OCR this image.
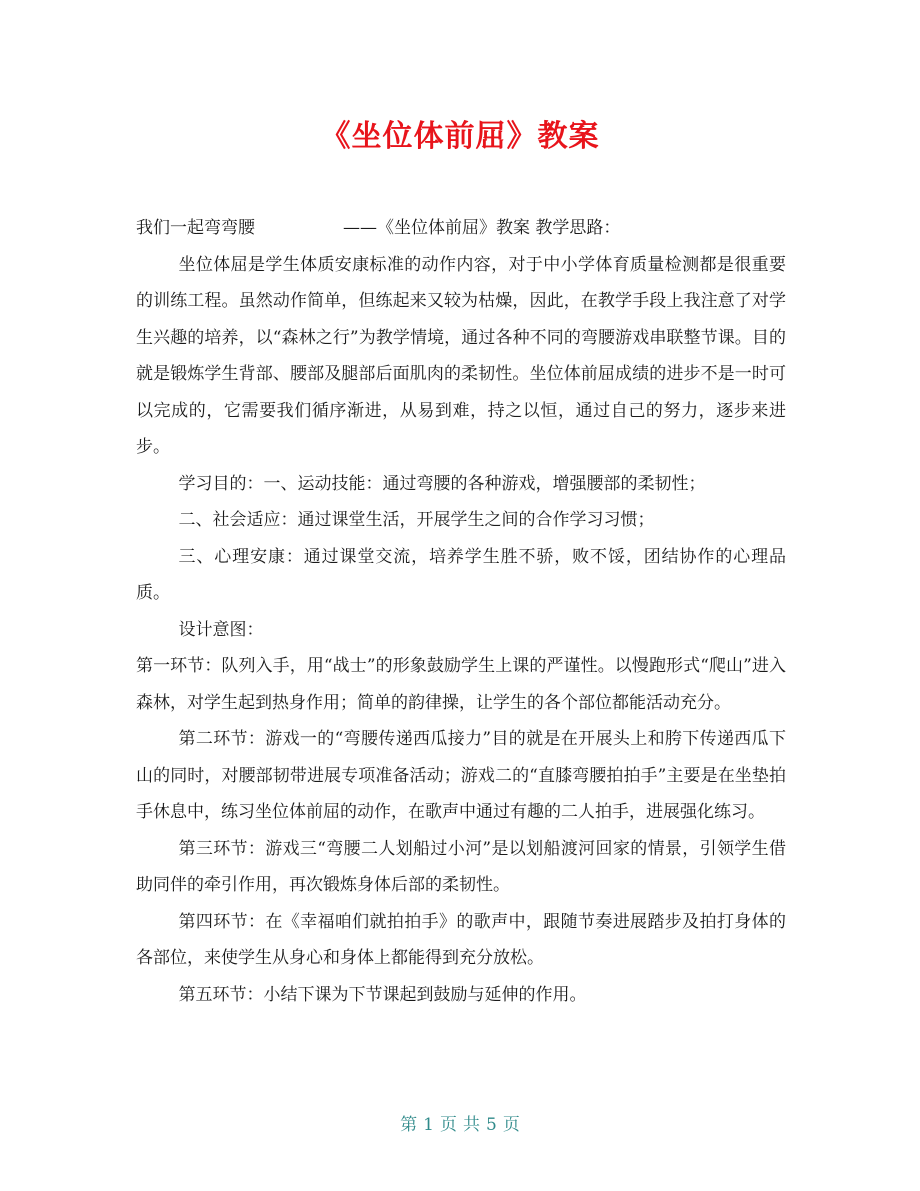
《坐位体前屈》教案

我们一起弯弯腰	——《坐位体前屈》教案 教学思路：

坐位体屈是学生体质安康标准的动作内容，对于中小学体育质量检测都是很重要的训练工程。虽然动作简单，但练起来又较为枯燥，因此，在教学手段上我注意了对学生兴趣的培养，以“森林之行”为教学情境，通过各种不同的弯腰游戏串联整节课。目的就是锻炼学生背部、腰部及腿部后面肌肉的柔韧性。坐位体前屈成绩的进步不是一时可以完成的，它需要我们循序渐进，从易到难，持之以恒，通过自己的努力，逐步来进步。

学习目的：一、运动技能：通过弯腰的各种游戏，增强腰部的柔韧性；

二、社会适应：通过课堂生活，开展学生之间的合作学习习惯；

三、心理安康：通过课堂交流，培养学生胜不骄，败不馁，团结协作的心理品质。

设计意图：

第一环节：队列入手，用“战士”的形象鼓励学生上课的严谨性。以慢跑形式“爬山”进入森林，对学生起到热身作用；简单的韵律操，让学生的各个部位都能活动充分。

第二环节：游戏一的“弯腰传递西瓜接力”目的就是在开展头上和胯下传递西瓜下山的同时，对腰部韧带进展专项准备活动；游戏二的“直膝弯腰拍拍手”主要是在坐垫拍手休息中，练习坐位体前屈的动作，在歌声中通过有趣的二人拍手，进展强化练习。

第三环节：游戏三“弯腰二人划船过小河”是以划船渡河回家的情景，引领学生借助同伴的牵引作用，再次锻炼身体后部的柔韧性。

第四环节：在《幸福咱们就拍拍手》的歌声中，跟随节奏进展踏步及拍打身体的各部位，来使学生从身心和身体上都能得到充分放松。

第五环节：小结下课为下节课起到鼓励与延伸的作用。

第 1 页 共 5 页
